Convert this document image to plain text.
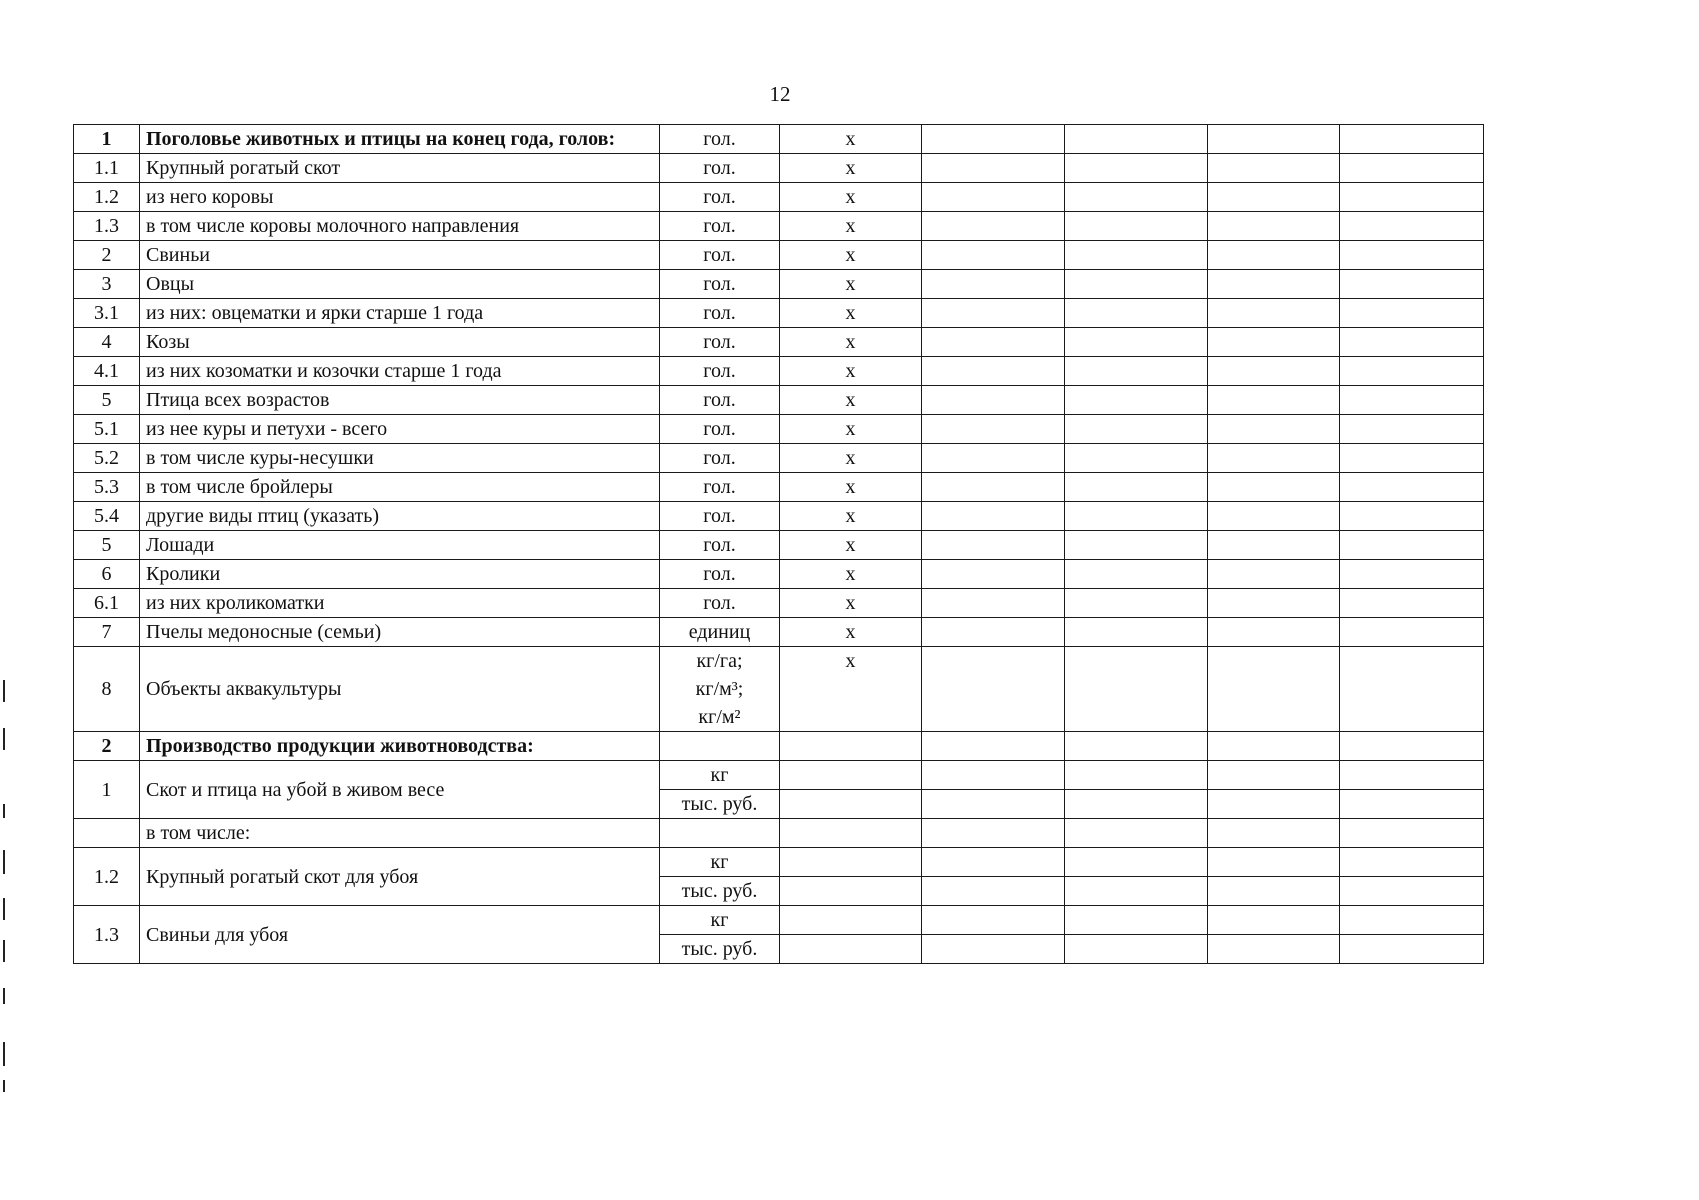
12
1	Поголовье животных и птицы на конец года, голов:	гол.	х				
1.1	Крупный рогатый скот	гол.	х				
1.2	из него коровы	гол.	х				
1.3	в том числе коровы молочного направления	гол.	х				
2	Свиньи	гол.	х				
3	Овцы	гол.	х				
3.1	из них: овцематки и ярки старше 1 года	гол.	х				
4	Козы	гол.	х				
4.1	из них козоматки и козочки старше 1 года	гол.	х				
5	Птица всех возрастов	гол.	х				
5.1	из нее куры и петухи - всего	гол.	х				
5.2	в том числе куры-несушки	гол.	х				
5.3	в том числе бройлеры	гол.	х				
5.4	другие виды птиц (указать)	гол.	х				
5	Лошади	гол.	х				
6	Кролики	гол.	х				
6.1	из них кроликоматки	гол.	х				
7	Пчелы медоносные (семьи)	единиц	х				
8	Объекты аквакультуры	кг/га;
кг/м³;
кг/м²	х				
2	Производство продукции животноводства:						
1	Скот и птица на убой в живом весе	кг					
		тыс. руб.					
	в том числе:						
1.2	Крупный рогатый скот для убоя	кг					
		тыс. руб.					
1.3	Свиньи для убоя	кг					
		тыс. руб.					
